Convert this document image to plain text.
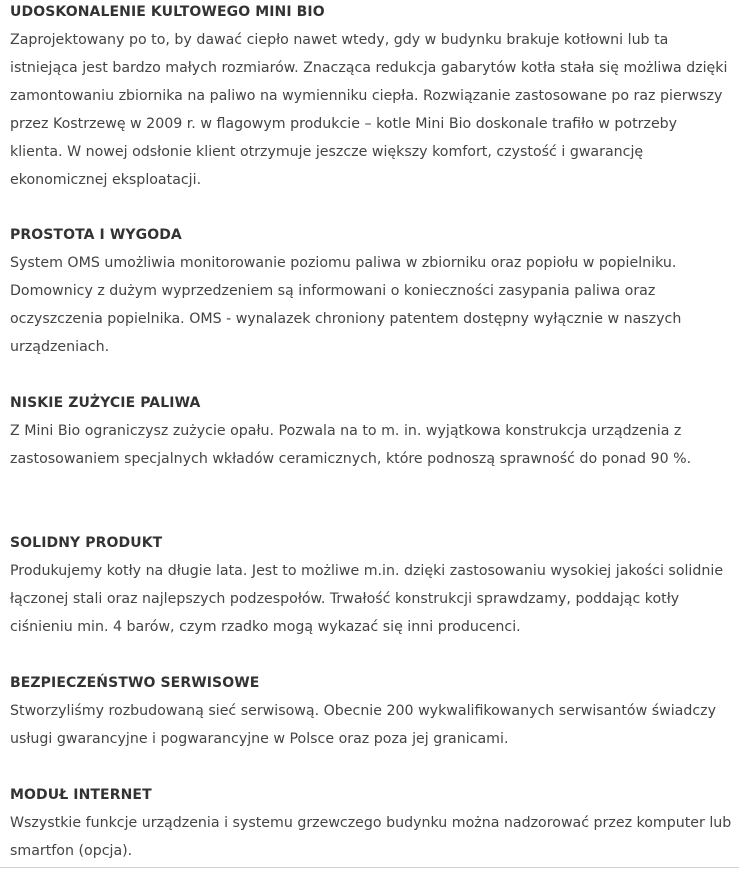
UDOSKONALENIE KULTOWEGO MINI BIO

Zaprojektowany po to, by dawać ciepło nawet wtedy, gdy w budynku brakuje kotłowni lub ta istniejąca jest bardzo małych rozmiarów. Znacząca redukcja gabarytów kotła stała się możliwa dzięki zamontowaniu zbiornika na paliwo na wymienniku ciepła. Rozwiązanie zastosowane po raz pierwszy przez Kostrzewę w 2009 r. w flagowym produkcie – kotle Mini Bio doskonale trafiło w potrzeby klienta. W nowej odsłonie klient otrzymuje jeszcze większy komfort, czystość i gwarancję ekonomicznej eksploatacji.

PROSTOTA I WYGODA

System OMS umożliwia monitorowanie poziomu paliwa w zbiorniku oraz popiołu w popielniku. Domownicy z dużym wyprzedzeniem są informowani o konieczności zasypania paliwa oraz oczyszczenia popielnika. OMS - wynalazek chroniony patentem dostępny wyłącznie w naszych urządzeniach.

NISKIE ZUŻYCIE PALIWA

Z Mini Bio ograniczysz zużycie opału. Pozwala na to m. in. wyjątkowa konstrukcja urządzenia z zastosowaniem specjalnych wkładów ceramicznych, które podnoszą sprawność do ponad 90 %.

SOLIDNY PRODUKT

Produkujemy kotły na długie lata. Jest to możliwe m.in. dzięki zastosowaniu wysokiej jakości solidnie łączonej stali oraz najlepszych podzespołów. Trwałość konstrukcji sprawdzamy, poddając kotły ciśnieniu min. 4 barów, czym rzadko mogą wykazać się inni producenci.

BEZPIECZEŃSTWO SERWISOWE

Stworzyliśmy rozbudowaną sieć serwisową. Obecnie 200 wykwalifikowanych serwisantów świadczy usługi gwarancyjne i pogwarancyjne w Polsce oraz poza jej granicami.

MODUŁ INTERNET

Wszystkie funkcje urządzenia i systemu grzewczego budynku można nadzorować przez komputer lub smartfon (opcja).
